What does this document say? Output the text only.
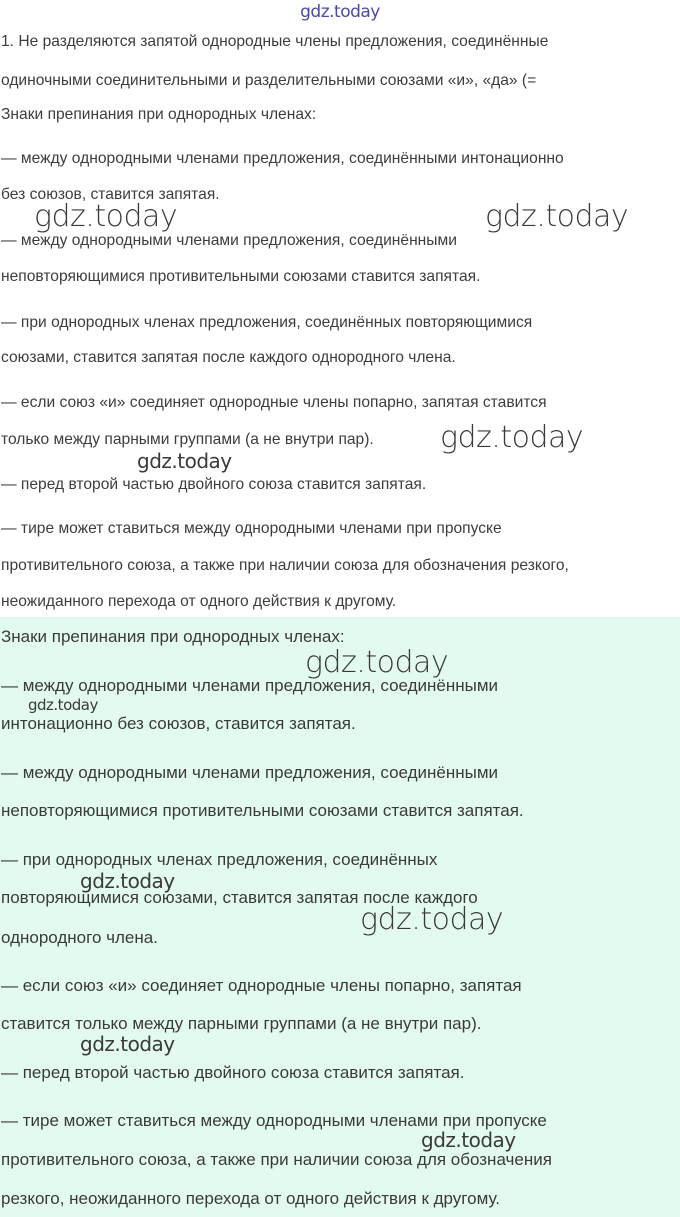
gdz.today
1. Не разделяются запятой однородные члены предложения, соединённые
одиночными соединительными и разделительными союзами «и», «да» (=
Знаки препинания при однородных членах:
— между однородными членами предложения, соединёнными интонационно
без союзов, ставится запятая.
— между однородными членами предложения, соединёнными
неповторяющимися противительными союзами ставится запятая.
— при однородных членах предложения, соединённых повторяющимися
союзами, ставится запятая после каждого однородного члена.
— если союз «и» соединяет однородные члены попарно, запятая ставится
только между парными группами (а не внутри пар).
— перед второй частью двойного союза ставится запятая.
— тире может ставиться между однородными членами при пропуске
противительного союза, а также при наличии союза для обозначения резкого,
неожиданного перехода от одного действия к другому.
Знаки препинания при однородных членах:
— между однородными членами предложения, соединёнными
интонационно без союзов, ставится запятая.
— между однородными членами предложения, соединёнными
неповторяющимися противительными союзами ставится запятая.
— при однородных членах предложения, соединённых
повторяющимися союзами, ставится запятая после каждого
однородного члена.
— если союз «и» соединяет однородные члены попарно, запятая
ставится только между парными группами (а не внутри пар).
— перед второй частью двойного союза ставится запятая.
— тире может ставиться между однородными членами при пропуске
противительного союза, а также при наличии союза для обозначения
резкого, неожиданного перехода от одного действия к другому.
gdz.today	gdz.today
gdz.today
gdz.today
gdz.today
gdz.today
gdz.today
gdz.today
gdz.today
gdz.today
